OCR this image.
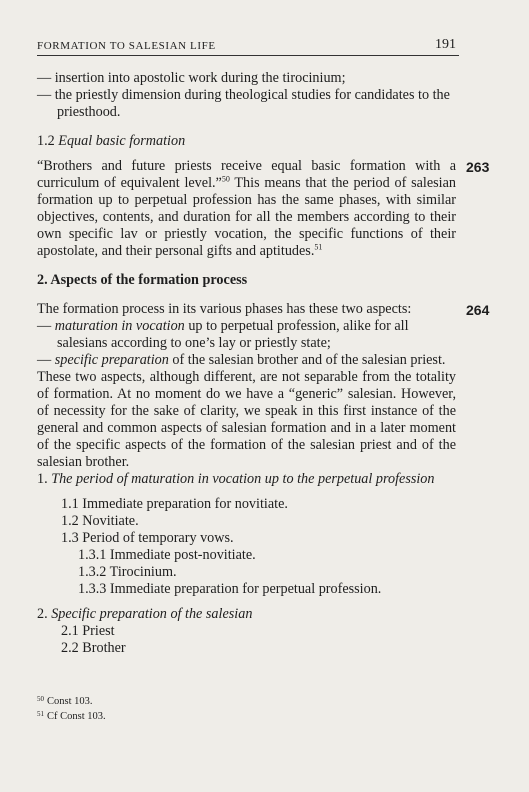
FORMATION TO SALESIAN LIFE	191

— insertion into apostolic work during the tirocinium;

— the priestly dimension during theological studies for candidates to the priesthood.

1.2 Equal basic formation

263

“Brothers and future priests receive equal basic formation with a curriculum of equivalent level.”$^{50}$ This means that the period of salesian formation up to perpetual profession has the same phases, with similar objectives, contents, and duration for all the members according to their own specific lav or priestly vocation, the specific functions of their apostolate, and their personal gifts and aptitudes.$^{51}$

2. Aspects of the formation process

264

The formation process in its various phases has these two aspects:

— maturation in vocation up to perpetual profession, alike for all salesians according to one’s lay or priestly state;

— specific preparation of the salesian brother and of the salesian priest.

These two aspects, although different, are not separable from the totality of formation. At no moment do we have a “generic” salesian. However, of necessity for the sake of clarity, we speak in this first instance of the general and common aspects of salesian formation and in a later moment of the specific aspects of the formation of the salesian priest and of the salesian brother.

1. The period of maturation in vocation up to the perpetual profession

1.1 Immediate preparation for novitiate.

1.2 Novitiate.

1.3 Period of temporary vows.

1.3.1 Immediate post-novitiate.

1.3.2 Tirocinium.

1.3.3 Immediate preparation for perpetual profession.

2. Specific preparation of the salesian

2.1 Priest

2.2 Brother

$^{50}$ Const 103.

$^{51}$ Cf Const 103.
